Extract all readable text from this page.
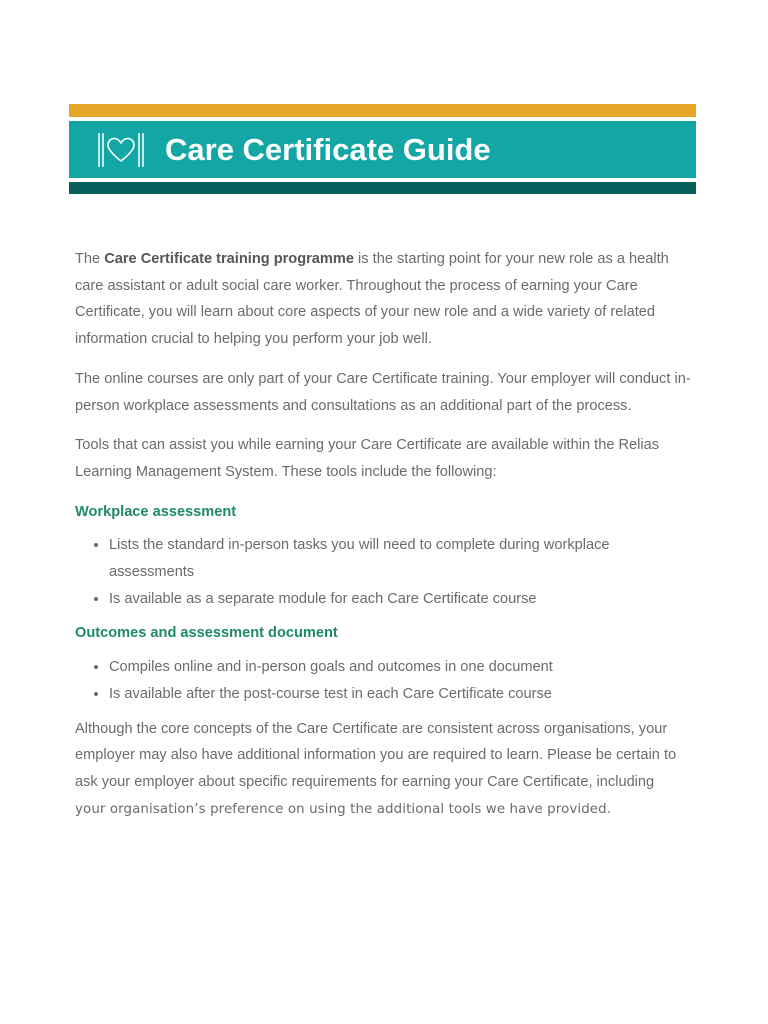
Care Certificate Guide

The Care Certificate training programme is the starting point for your new role as a health care assistant or adult social care worker. Throughout the process of earning your Care Certificate, you will learn about core aspects of your new role and a wide variety of related information crucial to helping you perform your job well.

The online courses are only part of your Care Certificate training. Your employer will conduct in-person workplace assessments and consultations as an additional part of the process.

Tools that can assist you while earning your Care Certificate are available within the Relias Learning Management System. These tools include the following:

Workplace assessment
• Lists the standard in-person tasks you will need to complete during workplace assessments
• Is available as a separate module for each Care Certificate course
Outcomes and assessment document
• Compiles online and in-person goals and outcomes in one document
• Is available after the post-course test in each Care Certificate course

Although the core concepts of the Care Certificate are consistent across organisations, your employer may also have additional information you are required to learn. Please be certain to ask your employer about specific requirements for earning your Care Certificate, including
your organisation’s preference on using the additional tools we have provided.
